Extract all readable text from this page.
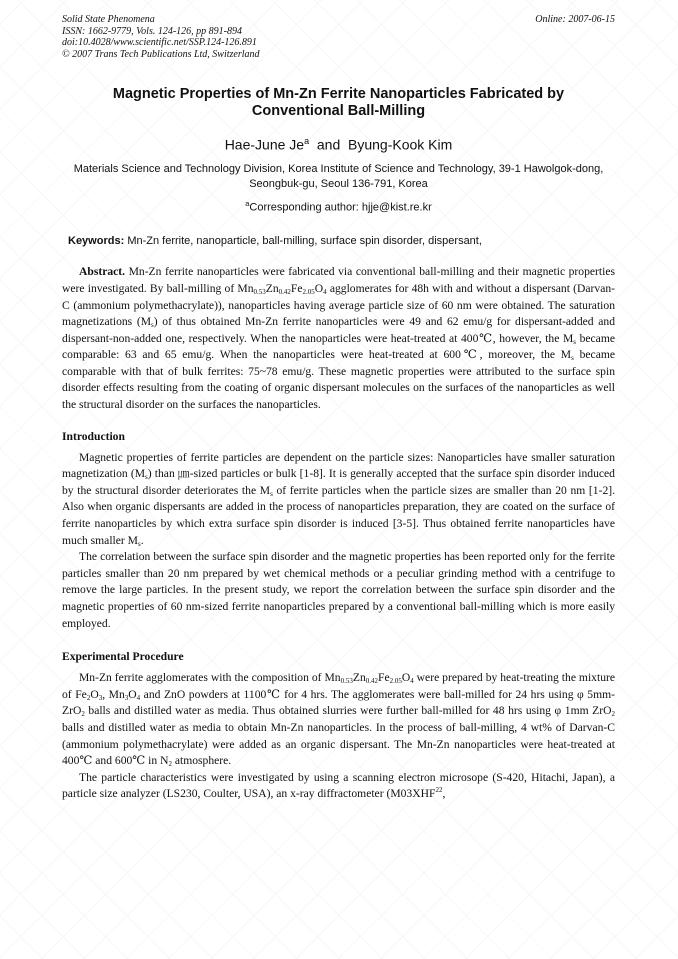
Solid State Phenomena
ISSN: 1662-9779, Vols. 124-126, pp 891-894
doi:10.4028/www.scientific.net/SSP.124-126.891
© 2007 Trans Tech Publications Ltd, Switzerland
Online: 2007-06-15
Magnetic Properties of Mn-Zn Ferrite Nanoparticles Fabricated by Conventional Ball-Milling
Hae-June Je$^a$ and Byung-Kook Kim
Materials Science and Technology Division, Korea Institute of Science and Technology, 39-1 Hawolgok-dong, Seongbuk-gu, Seoul 136-791, Korea
$^a$Corresponding author: hjje@kist.re.kr
Keywords: Mn-Zn ferrite, nanoparticle, ball-milling, surface spin disorder, dispersant,

Abstract. Mn-Zn ferrite nanoparticles were fabricated via conventional ball-milling and their magnetic properties were investigated. By ball-milling of $Mn_{0.53}Zn_{0.42}Fe_{2.05}O_4$ agglomerates for 48h with and without a dispersant (Darvan-C (ammonium polymethacrylate)), nanoparticles having average particle size of 60 nm were obtained. The saturation magnetizations $(M_s)$ of thus obtained Mn-Zn ferrite nanoparticles were 49 and 62 emu/g for dispersant-added and dispersant-non-added one, respectively. When the nanoparticles were heat-treated at 400℃, however, the $M_s$ became comparable: 63 and 65 emu/g. When the nanoparticles were heat-treated at 600℃, moreover, the $M_s$ became comparable with that of bulk ferrites: 75~78 emu/g. These magnetic properties were attributed to the surface spin disorder effects resulting from the coating of organic dispersant molecules on the surfaces of the nanoparticles as well the structural disorder on the surfaces the nanoparticles.

Introduction

Magnetic properties of ferrite particles are dependent on the particle sizes: Nanoparticles have smaller saturation magnetization $(M_s)$ than ㎛-sized particles or bulk [1-8]. It is generally accepted that the surface spin disorder induced by the structural disorder deteriorates the $M_s$ of ferrite particles when the particle sizes are smaller than 20 nm [1-2]. Also when organic dispersants are added in the process of nanoparticles preparation, they are coated on the surface of ferrite nanoparticles by which extra surface spin disorder is induced [3-5]. Thus obtained ferrite nanoparticles have much smaller $M_s$.

The correlation between the surface spin disorder and the magnetic properties has been reported only for the ferrite particles smaller than 20 nm prepared by wet chemical methods or a peculiar grinding method with a centrifuge to remove the large particles. In the present study, we report the correlation between the surface spin disorder and the magnetic properties of 60 nm-sized ferrite nanoparticles prepared by a conventional ball-milling which is more easily employed.

Experimental Procedure

Mn-Zn ferrite agglomerates with the composition of $Mn_{0.53}Zn_{0.42}Fe_{2.05}O_4$ were prepared by heat-treating the mixture of $Fe_2O_3$, $Mn_3O_4$ and ZnO powders at 1100℃ for 4 hrs. The agglomerates were ball-milled for 24 hrs using φ 5mm-ZrO$_2$ balls and distilled water as media. Thus obtained slurries were further ball-milled for 48 hrs using φ 1mm ZrO$_2$ balls and distilled water as media to obtain Mn-Zn nanoparticles. In the process of ball-milling, 4 wt% of Darvan-C (ammonium polymethacrylate) were added as an organic dispersant. The Mn-Zn nanoparticles were heat-treated at 400℃ and 600℃ in $N_2$ atmosphere.

The particle characteristics were investigated by using a scanning electron microsope (S-420, Hitachi, Japan), a particle size analyzer (LS230, Coulter, USA), an x-ray diffractometer (M03XHF$^{22}$,
